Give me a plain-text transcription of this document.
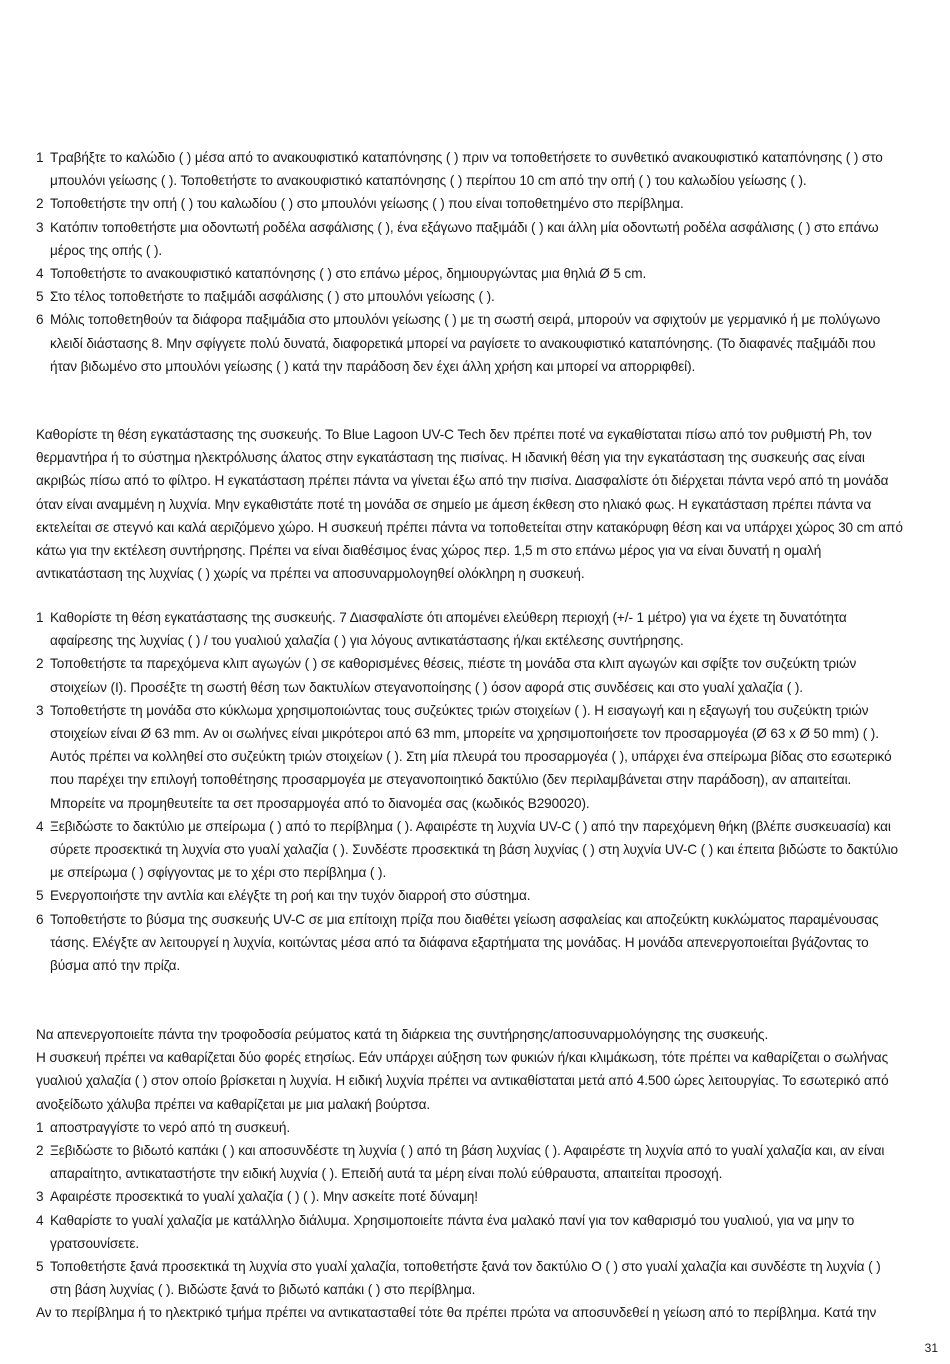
1 Τραβήξτε το καλώδιο ( ) μέσα από το ανακουφιστικό καταπόνησης ( ) πριν να τοποθετήσετε το συνθετικό ανακουφιστικό καταπόνησης ( ) στο μπουλόνι γείωσης ( ). Τοποθετήστε το ανακουφιστικό καταπόνησης ( ) περίπου 10 cm από την οπή ( ) του καλωδίου γείωσης ( ).
2 Τοποθετήστε την οπή ( ) του καλωδίου ( ) στο μπουλόνι γείωσης ( ) που είναι τοποθετημένο στο περίβλημα.
3 Κατόπιν τοποθετήστε μια οδοντωτή ροδέλα ασφάλισης ( ), ένα εξάγωνο παξιμάδι ( ) και άλλη μία οδοντωτή ροδέλα ασφάλισης ( ) στο επάνω μέρος της οπής ( ).
4 Τοποθετήστε το ανακουφιστικό καταπόνησης ( ) στο επάνω μέρος, δημιουργώντας μια θηλιά Ø 5 cm.
5 Στο τέλος τοποθετήστε το παξιμάδι ασφάλισης ( ) στο μπουλόνι γείωσης ( ).
6 Μόλις τοποθετηθούν τα διάφορα παξιμάδια στο μπουλόνι γείωσης ( ) με τη σωστή σειρά, μπορούν να σφιχτούν με γερμανικό ή με πολύγωνο κλειδί διάστασης 8. Μην σφίγγετε πολύ δυνατά, διαφορετικά μπορεί να ραγίσετε το ανακουφιστικό καταπόνησης. (Το διαφανές παξιμάδι που ήταν βιδωμένο στο μπουλόνι γείωσης ( ) κατά την παράδοση δεν έχει άλλη χρήση και μπορεί να απορριφθεί).

Καθορίστε τη θέση εγκατάστασης της συσκευής. Το Blue Lagoon UV-C Tech δεν πρέπει ποτέ να εγκαθίσταται πίσω από τον ρυθμιστή Ph, τον θερμαντήρα ή το σύστημα ηλεκτρόλυσης άλατος στην εγκατάσταση της πισίνας. Η ιδανική θέση για την εγκατάσταση της συσκευής σας είναι ακριβώς πίσω από το φίλτρο. Η εγκατάσταση πρέπει πάντα να γίνεται έξω από την πισίνα. Διασφαλίστε ότι διέρχεται πάντα νερό από τη μονάδα όταν είναι αναμμένη η λυχνία. Μην εγκαθιστάτε ποτέ τη μονάδα σε σημείο με άμεση έκθεση στο ηλιακό φως. Η εγκατάσταση πρέπει πάντα να εκτελείται σε στεγνό και καλά αεριζόμενο χώρο. Η συσκευή πρέπει πάντα να τοποθετείται στην κατακόρυφη θέση και να υπάρχει χώρος 30 cm από κάτω για την εκτέλεση συντήρησης. Πρέπει να είναι διαθέσιμος ένας χώρος περ. 1,5 m στο επάνω μέρος για να είναι δυνατή η ομαλή αντικατάσταση της λυχνίας ( ) χωρίς να πρέπει να αποσυναρμολογηθεί ολόκληρη η συσκευή.

1 Καθορίστε τη θέση εγκατάστασης της συσκευής. 7 Διασφαλίστε ότι απομένει ελεύθερη περιοχή (+/- 1 μέτρο) για να έχετε τη δυνατότητα αφαίρεσης της λυχνίας ( ) / του γυαλιού χαλαζία ( ) για λόγους αντικατάστασης ή/και εκτέλεσης συντήρησης.
2 Τοποθετήστε τα παρεχόμενα κλιπ αγωγών ( ) σε καθορισμένες θέσεις, πιέστε τη μονάδα στα κλιπ αγωγών και σφίξτε τον συζεύκτη τριών στοιχείων (I). Προσέξτε τη σωστή θέση των δακτυλίων στεγανοποίησης ( ) όσον αφορά στις συνδέσεις και στο γυαλί χαλαζία ( ).
3 Τοποθετήστε τη μονάδα στο κύκλωμα χρησιμοποιώντας τους συζεύκτες τριών στοιχείων ( ). Η εισαγωγή και η εξαγωγή του συζεύκτη τριών στοιχείων είναι Ø 63 mm. Αν οι σωλήνες είναι μικρότεροι από 63 mm, μπορείτε να χρησιμοποιήσετε τον προσαρμογέα (Ø 63 x Ø 50 mm) ( ). Αυτός πρέπει να κολληθεί στο συζεύκτη τριών στοιχείων ( ). Στη μία πλευρά του προσαρμογέα ( ), υπάρχει ένα σπείρωμα βίδας στο εσωτερικό που παρέχει την επιλογή τοποθέτησης προσαρμογέα με στεγανοποιητικό δακτύλιο (δεν περιλαμβάνεται στην παράδοση), αν απαιτείται. Μπορείτε να προμηθευτείτε τα σετ προσαρμογέα από το διανομέα σας (κωδικός B290020).
4 Ξεβιδώστε το δακτύλιο με σπείρωμα ( ) από το περίβλημα ( ). Αφαιρέστε τη λυχνία UV-C ( ) από την παρεχόμενη θήκη (βλέπε συσκευασία) και σύρετε προσεκτικά τη λυχνία στο γυαλί χαλαζία ( ). Συνδέστε προσεκτικά τη βάση λυχνίας ( ) στη λυχνία UV-C ( ) και έπειτα βιδώστε το δακτύλιο με σπείρωμα ( ) σφίγγοντας με το χέρι στο περίβλημα ( ).
5 Ενεργοποιήστε την αντλία και ελέγξτε τη ροή και την τυχόν διαρροή στο σύστημα.
6 Τοποθετήστε το βύσμα της συσκευής UV-C σε μια επίτοιχη πρίζα που διαθέτει γείωση ασφαλείας και αποζεύκτη κυκλώματος παραμένουσας τάσης. Ελέγξτε αν λειτουργεί η λυχνία, κοιτώντας μέσα από τα διάφανα εξαρτήματα της μονάδας. Η μονάδα απενεργοποιείται βγάζοντας το βύσμα από την πρίζα.

Να απενεργοποιείτε πάντα την τροφοδοσία ρεύματος κατά τη διάρκεια της συντήρησης/αποσυναρμολόγησης της συσκευής.

Η συσκευή πρέπει να καθαρίζεται δύο φορές ετησίως. Εάν υπάρχει αύξηση των φυκιών ή/και κλιμάκωση, τότε πρέπει να καθαρίζεται ο σωλήνας γυαλιού χαλαζία ( ) στον οποίο βρίσκεται η λυχνία. Η ειδική λυχνία πρέπει να αντικαθίσταται μετά από 4.500 ώρες λειτουργίας. Το εσωτερικό από ανοξείδωτο χάλυβα πρέπει να καθαρίζεται με μια μαλακή βούρτσα.

1 αποστραγγίστε το νερό από τη συσκευή.
2 Ξεβιδώστε το βιδωτό καπάκι ( ) και αποσυνδέστε τη λυχνία ( ) από τη βάση λυχνίας ( ). Αφαιρέστε τη λυχνία από το γυαλί χαλαζία και, αν είναι απαραίτητο, αντικαταστήστε την ειδική λυχνία ( ). Επειδή αυτά τα μέρη είναι πολύ εύθραυστα, απαιτείται προσοχή.
3 Αφαιρέστε προσεκτικά το γυαλί χαλαζία ( ) ( ). Μην ασκείτε ποτέ δύναμη!
4 Καθαρίστε το γυαλί χαλαζία με κατάλληλο διάλυμα. Χρησιμοποιείτε πάντα ένα μαλακό πανί για τον καθαρισμό του γυαλιού, για να μην το γρατσουνίσετε.
5 Τοποθετήστε ξανά προσεκτικά τη λυχνία στο γυαλί χαλαζία, τοποθετήστε ξανά τον δακτύλιο O ( ) στο γυαλί χαλαζία και συνδέστε τη λυχνία ( ) στη βάση λυχνίας ( ). Βιδώστε ξανά το βιδωτό καπάκι ( ) στο περίβλημα.

Αν το περίβλημα ή το ηλεκτρικό τμήμα πρέπει να αντικατασταθεί τότε θα πρέπει πρώτα να αποσυνδεθεί η γείωση από το περίβλημα. Κατά την

31
